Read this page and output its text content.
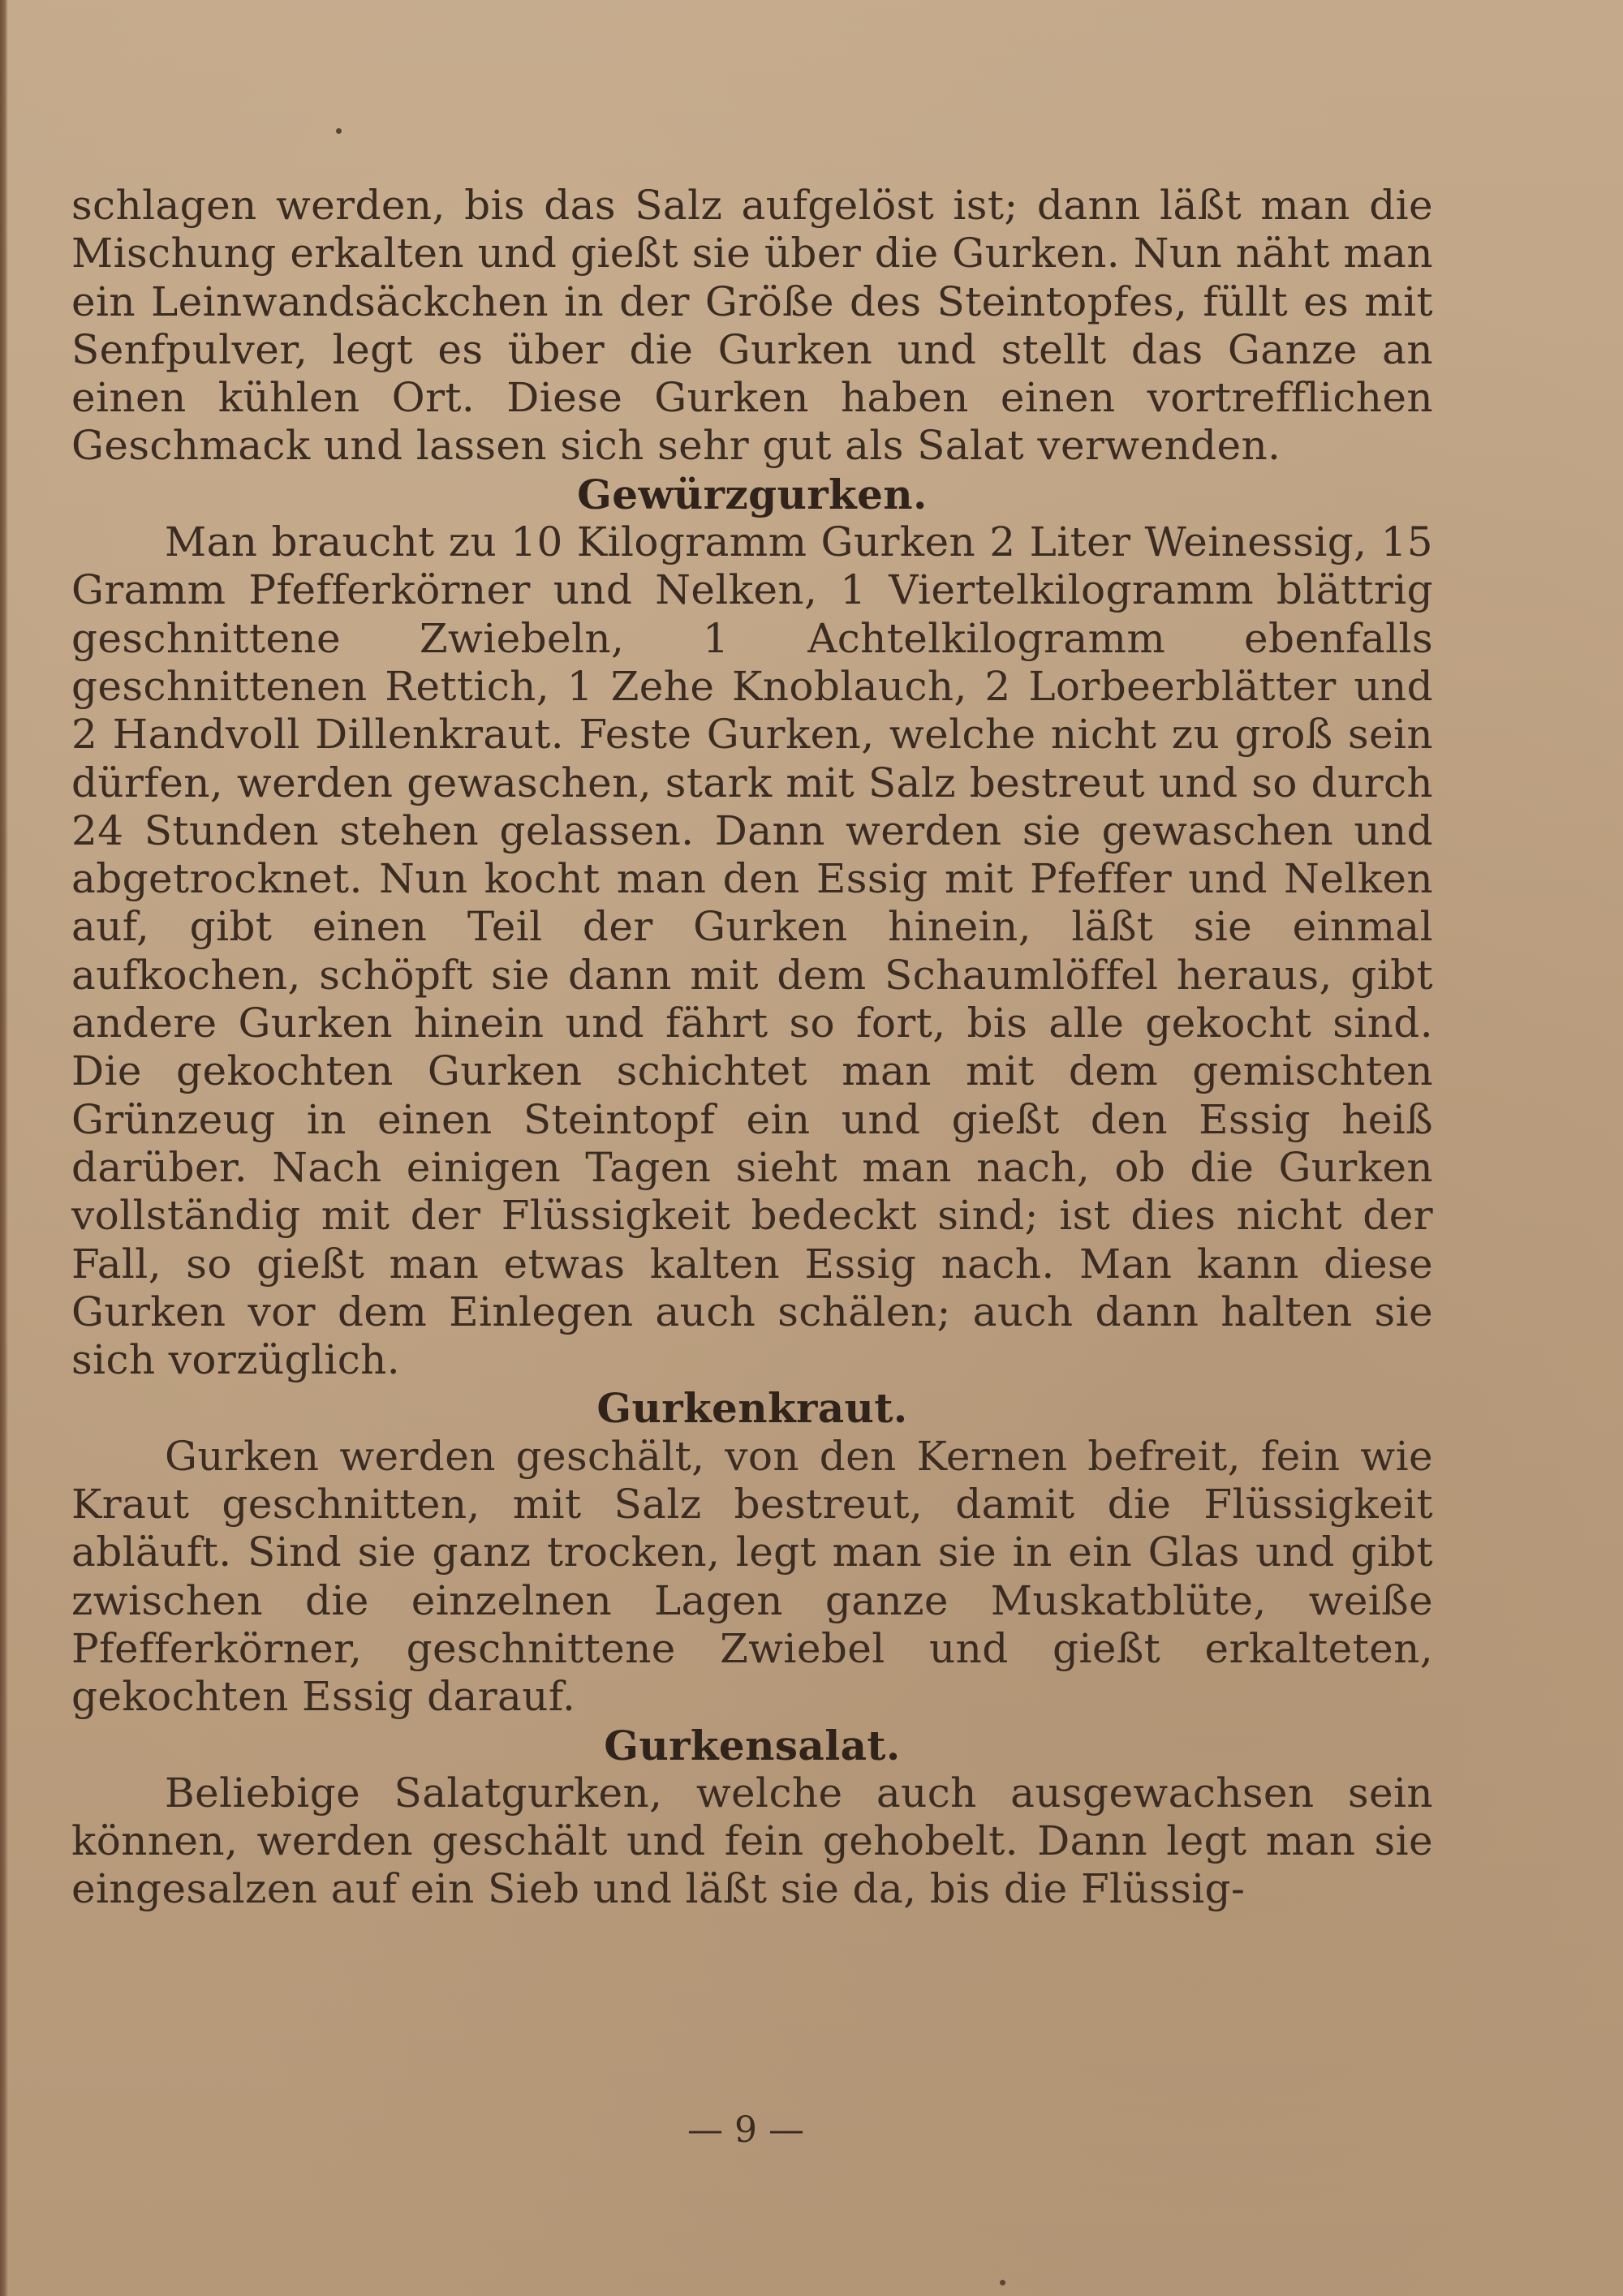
schlagen werden, bis das Salz aufgelöst ist; dann läßt man die Mischung erkalten und gießt sie über die Gurken. Nun näht man ein Leinwandsäckchen in der Größe des Steintopfes, füllt es mit Senfpulver, legt es über die Gurken und stellt das Ganze an einen kühlen Ort. Diese Gurken haben einen vortrefflichen Geschmack und lassen sich sehr gut als Salat verwenden.

Gewürzgurken.

Man braucht zu 10 Kilogramm Gurken 2 Liter Weinessig, 15 Gramm Pfefferkörner und Nelken, 1 Viertelkilogramm blättrig geschnittene Zwiebeln, 1 Achtelkilogramm ebenfalls geschnittenen Rettich, 1 Zehe Knoblauch, 2 Lorbeerblätter und 2 Handvoll Dillenkraut. Feste Gurken, welche nicht zu groß sein dürfen, werden gewaschen, stark mit Salz bestreut und so durch 24 Stunden stehen gelassen. Dann werden sie gewaschen und abgetrocknet. Nun kocht man den Essig mit Pfeffer und Nelken auf, gibt einen Teil der Gurken hinein, läßt sie einmal aufkochen, schöpft sie dann mit dem Schaumlöffel heraus, gibt andere Gurken hinein und fährt so fort, bis alle gekocht sind. Die gekochten Gurken schichtet man mit dem gemischten Grünzeug in einen Steintopf ein und gießt den Essig heiß darüber. Nach einigen Tagen sieht man nach, ob die Gurken vollständig mit der Flüssigkeit bedeckt sind; ist dies nicht der Fall, so gießt man etwas kalten Essig nach. Man kann diese Gurken vor dem Einlegen auch schälen; auch dann halten sie sich vorzüglich.

Gurkenkraut.

Gurken werden geschält, von den Kernen befreit, fein wie Kraut geschnitten, mit Salz bestreut, damit die Flüssigkeit abläuft. Sind sie ganz trocken, legt man sie in ein Glas und gibt zwischen die einzelnen Lagen ganze Muskatblüte, weiße Pfefferkörner, geschnittene Zwiebel und gießt erkalteten, gekochten Essig darauf.

Gurkensalat.

Beliebige Salatgurken, welche auch ausgewachsen sein können, werden geschält und fein gehobelt. Dann legt man sie eingesalzen auf ein Sieb und läßt sie da, bis die Flüssig-

— 9 —
